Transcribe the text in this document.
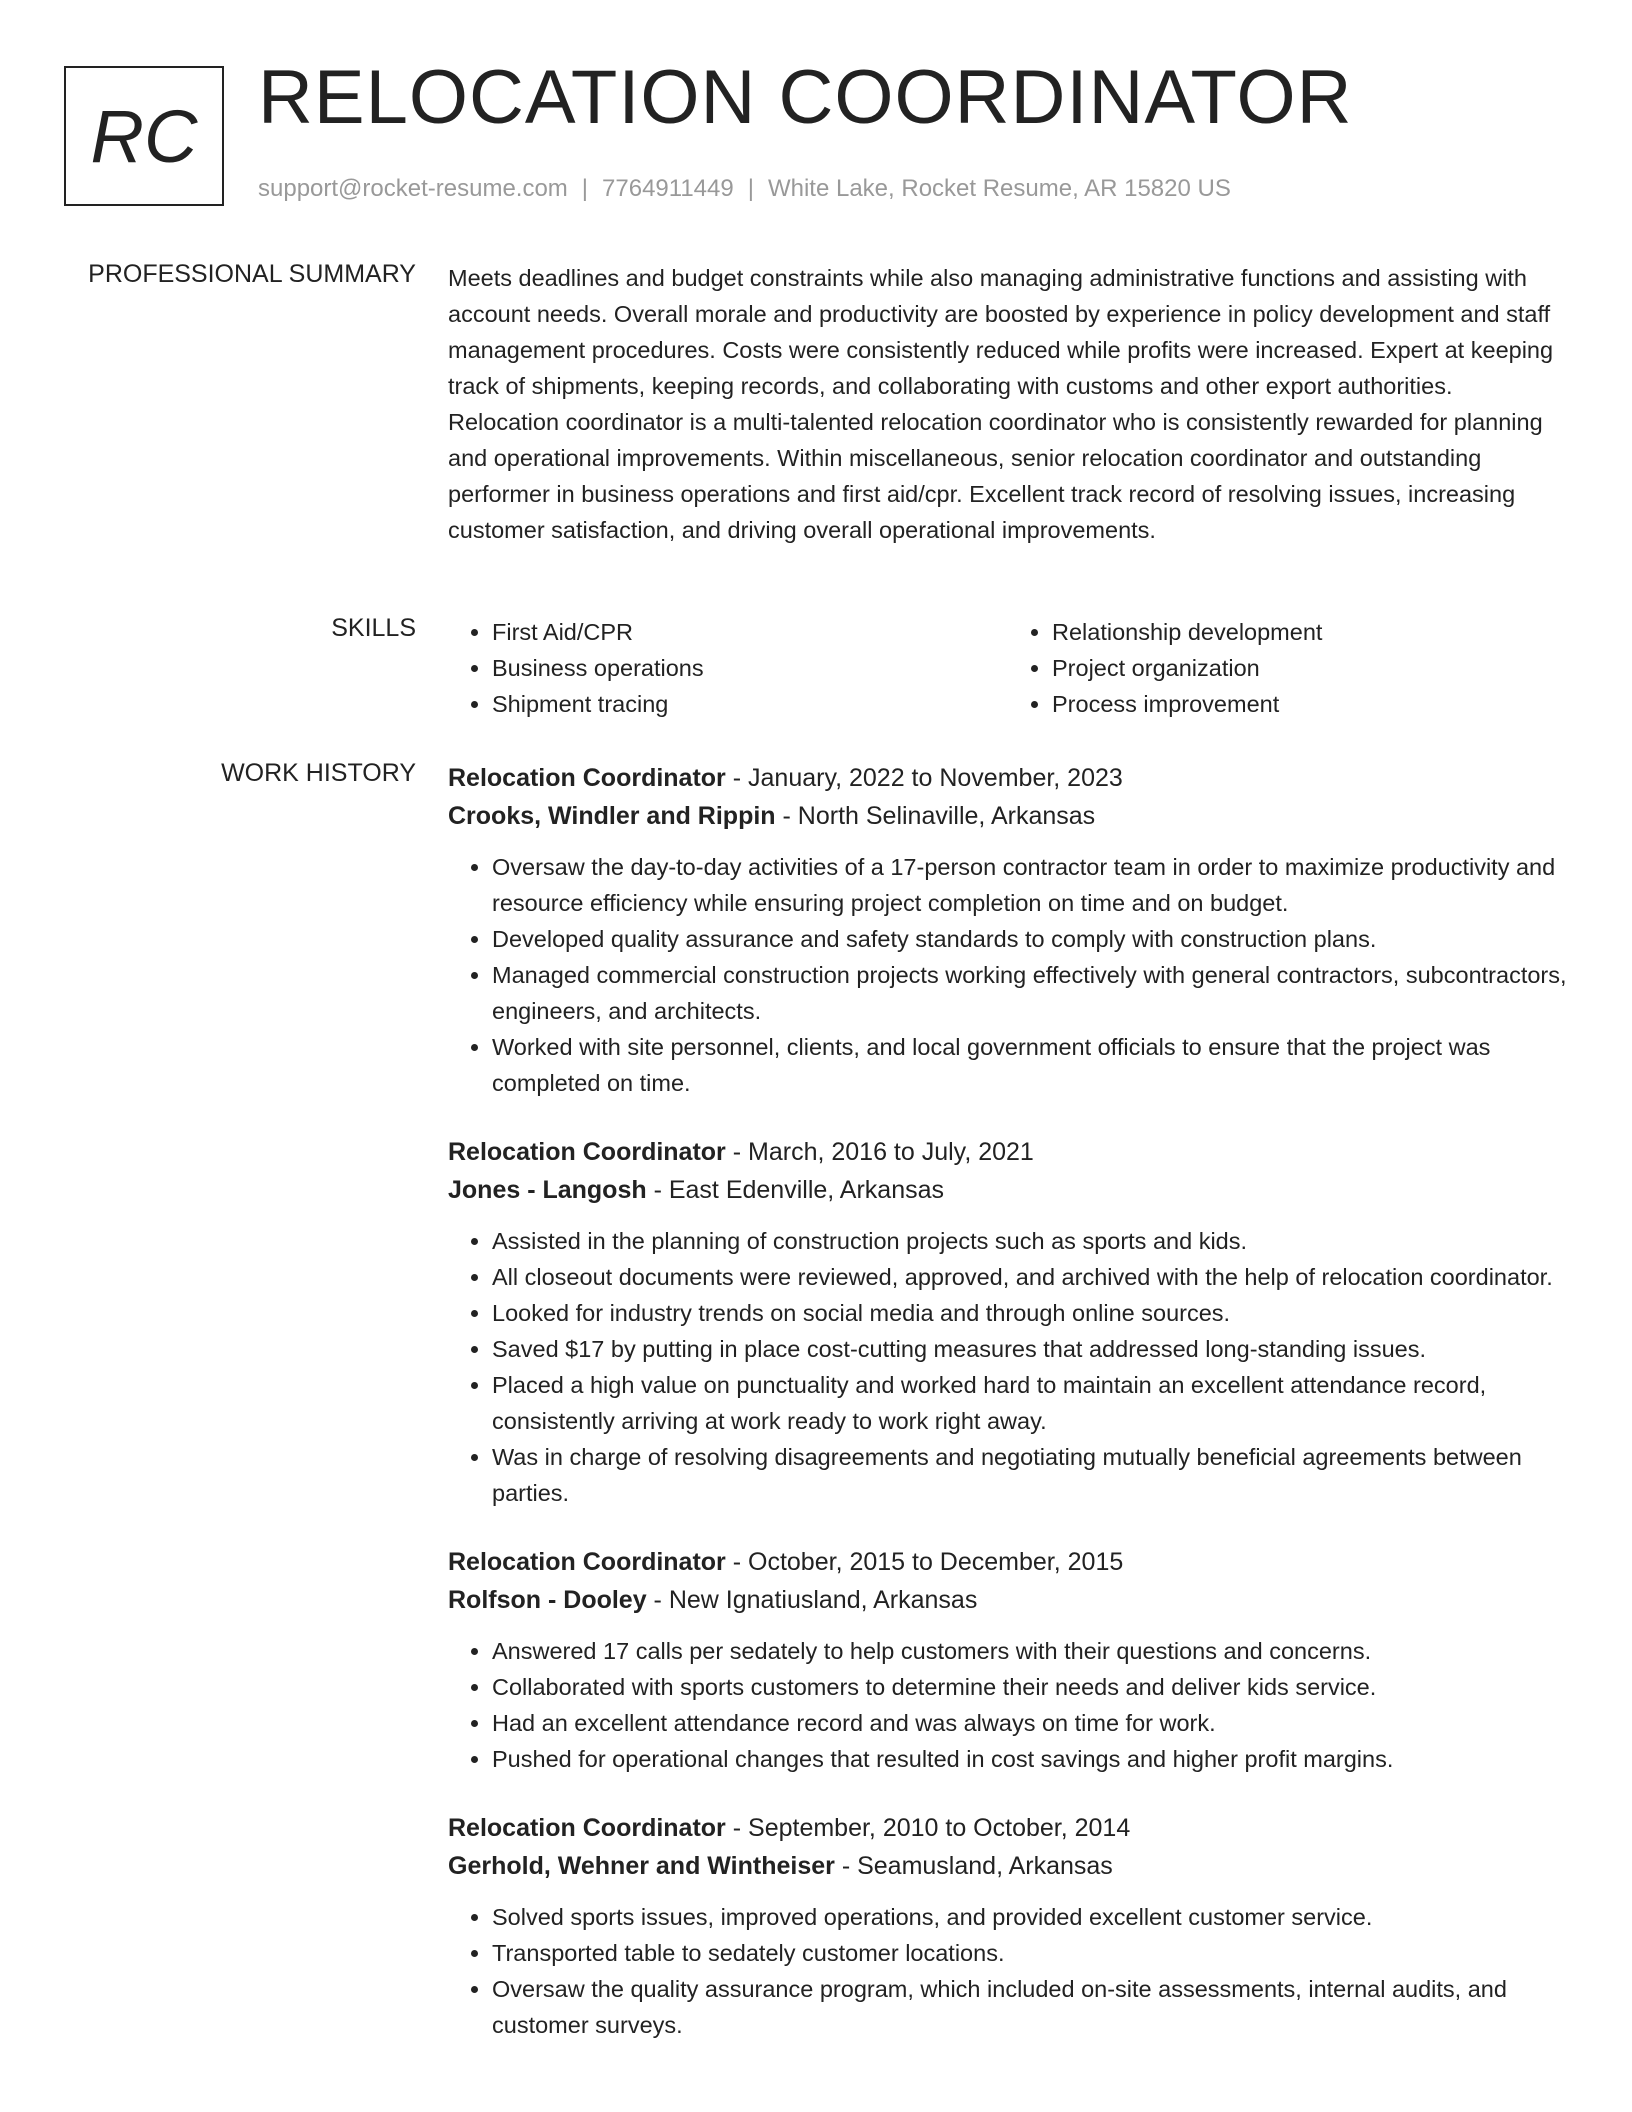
RC RELOCATION COORDINATOR
support@rocket-resume.com | 7764911449 | White Lake, Rocket Resume, AR 15820 US
PROFESSIONAL SUMMARY Meets deadlines and budget constraints while also managing administrative functions and assisting with account needs. Overall morale and productivity are boosted by experience in policy development and staff management procedures. Costs were consistently reduced while profits were increased. Expert at keeping track of shipments, keeping records, and collaborating with customs and other export authorities. Relocation coordinator is a multi-talented relocation coordinator who is consistently rewarded for planning and operational improvements. Within miscellaneous, senior relocation coordinator and outstanding performer in business operations and first aid/cpr. Excellent track record of resolving issues, increasing customer satisfaction, and driving overall operational improvements.
SKILLS
•	First Aid/CPR
• Business operations
• Shipment tracing
• Relationship development
• Project organization
• Process improvement
WORK HISTORY Relocation Coordinator - January, 2022 to November, 2023
Crooks, Windler and Rippin - North Selinaville, Arkansas
• Oversaw the day-to-day activities of a 17-person contractor team in order to maximize productivity and resource efficiency while ensuring project completion on time and on budget.
• Developed quality assurance and safety standards to comply with construction plans.
• Managed commercial construction projects working effectively with general contractors, subcontractors, engineers, and architects.
• Worked with site personnel, clients, and local government officials to ensure that the project was completed on time.
Relocation Coordinator - March, 2016 to July, 2021
Jones - Langosh - East Edenville, Arkansas
• Assisted in the planning of construction projects such as sports and kids.
• All closeout documents were reviewed, approved, and archived with the help of relocation coordinator.
• Looked for industry trends on social media and through online sources.
• Saved $17 by putting in place cost-cutting measures that addressed long-standing issues.
• Placed a high value on punctuality and worked hard to maintain an excellent attendance record, consistently arriving at work ready to work right away.
• Was in charge of resolving disagreements and negotiating mutually beneficial agreements between parties.
Relocation Coordinator - October, 2015 to December, 2015
Rolfson - Dooley - New Ignatiusland, Arkansas
• Answered 17 calls per sedately to help customers with their questions and concerns.
• Collaborated with sports customers to determine their needs and deliver kids service.
• Had an excellent attendance record and was always on time for work.
• Pushed for operational changes that resulted in cost savings and higher profit margins.
Relocation Coordinator - September, 2010 to October, 2014
Gerhold, Wehner and Wintheiser - Seamusland, Arkansas
• Solved sports issues, improved operations, and provided excellent customer service.
• Transported table to sedately customer locations.
• Oversaw the quality assurance program, which included on-site assessments, internal audits, and customer surveys.
